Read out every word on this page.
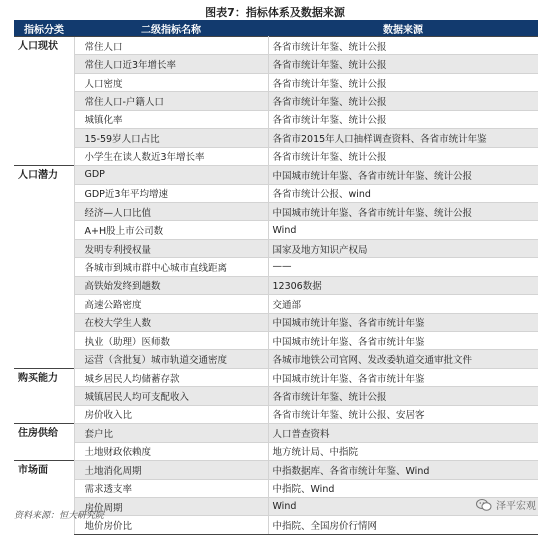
图表7：指标体系及数据来源
指标分类	二级指标名称	数据来源
人口现状	常住人口	各省市统计年鉴、统计公报
	常住人口近3年增长率	各省市统计年鉴、统计公报
	人口密度	各省市统计年鉴、统计公报
	常住人口-户籍人口	各省市统计年鉴、统计公报
	城镇化率	各省市统计年鉴、统计公报
	15-59岁人口占比	各省市2015年人口抽样调查资料、各省市统计年鉴
	小学生在读人数近3年增长率	各省市统计年鉴、统计公报
人口潜力	GDP	中国城市统计年鉴、各省市统计年鉴、统计公报
	GDP近3年平均增速	各省市统计公报、wind
	经济—人口比值	中国城市统计年鉴、各省市统计年鉴、统计公报
	A+H股上市公司数	Wind
	发明专利授权量	国家及地方知识产权局
	各城市到城市群中心城市直线距离	——
	高铁始发终到趟数	12306数据
	高速公路密度	交通部
	在校大学生人数	中国城市统计年鉴、各省市统计年鉴
	执业（助理）医师数	中国城市统计年鉴、各省市统计年鉴
	运营（含批复）城市轨道交通密度	各城市地铁公司官网、发改委轨道交通审批文件
购买能力	城乡居民人均储蓄存款	中国城市统计年鉴、各省市统计年鉴
	城镇居民人均可支配收入	各省市统计年鉴、统计公报
	房价收入比	各省市统计年鉴、统计公报、安居客
住房供给	套户比	人口普查资料
	土地财政依赖度	地方统计局、中指院
市场面	土地消化周期	中指数据库、各省市统计年鉴、Wind
	需求透支率	中指院、Wind
	房价周期	Wind
	地价房价比	中指院、全国房价行情网
资料来源：恒大研究院
泽平宏观
